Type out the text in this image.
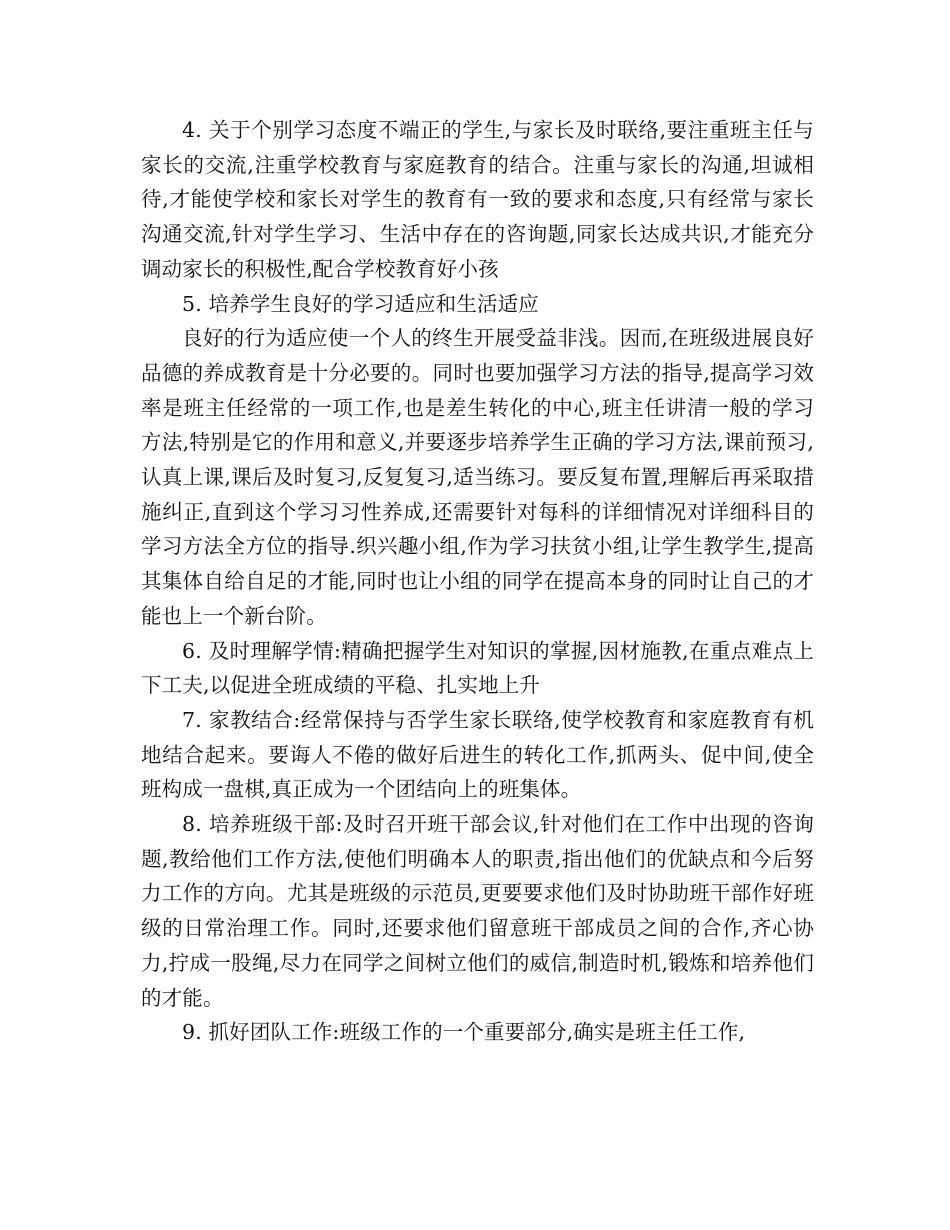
4. 关于个别学习态度不端正的学生,与家长及时联络,要注重班主任与家长的交流,注重学校教育与家庭教育的结合。注重与家长的沟通,坦诚相待,才能使学校和家长对学生的教育有一致的要求和态度,只有经常与家长沟通交流,针对学生学习、生活中存在的咨询题,同家长达成共识,才能充分调动家长的积极性,配合学校教育好小孩

5. 培养学生良好的学习适应和生活适应

良好的行为适应使一个人的终生开展受益非浅。因而,在班级进展良好品德的养成教育是十分必要的。同时也要加强学习方法的指导,提高学习效率是班主任经常的一项工作,也是差生转化的中心,班主任讲清一般的学习方法,特别是它的作用和意义,并要逐步培养学生正确的学习方法,课前预习,认真上课,课后及时复习,反复复习,适当练习。要反复布置,理解后再采取措施纠正,直到这个学习习性养成,还需要针对每科的详细情况对详细科目的学习方法全方位的指导.织兴趣小组,作为学习扶贫小组,让学生教学生,提高其集体自给自足的才能,同时也让小组的同学在提高本身的同时让自己的才能也上一个新台阶。

6. 及时理解学情:精确把握学生对知识的掌握,因材施教,在重点难点上下工夫,以促进全班成绩的平稳、扎实地上升

7. 家教结合:经常保持与否学生家长联络,使学校教育和家庭教育有机地结合起来。要诲人不倦的做好后进生的转化工作,抓两头、促中间,使全班构成一盘棋,真正成为一个团结向上的班集体。

8. 培养班级干部:及时召开班干部会议,针对他们在工作中出现的咨询题,教给他们工作方法,使他们明确本人的职责,指出他们的优缺点和今后努力工作的方向。尤其是班级的示范员,更要要求他们及时协助班干部作好班级的日常治理工作。同时,还要求他们留意班干部成员之间的合作,齐心协力,拧成一股绳,尽力在同学之间树立他们的威信,制造时机,锻炼和培养他们的才能。

9. 抓好团队工作:班级工作的一个重要部分,确实是班主任工作,
